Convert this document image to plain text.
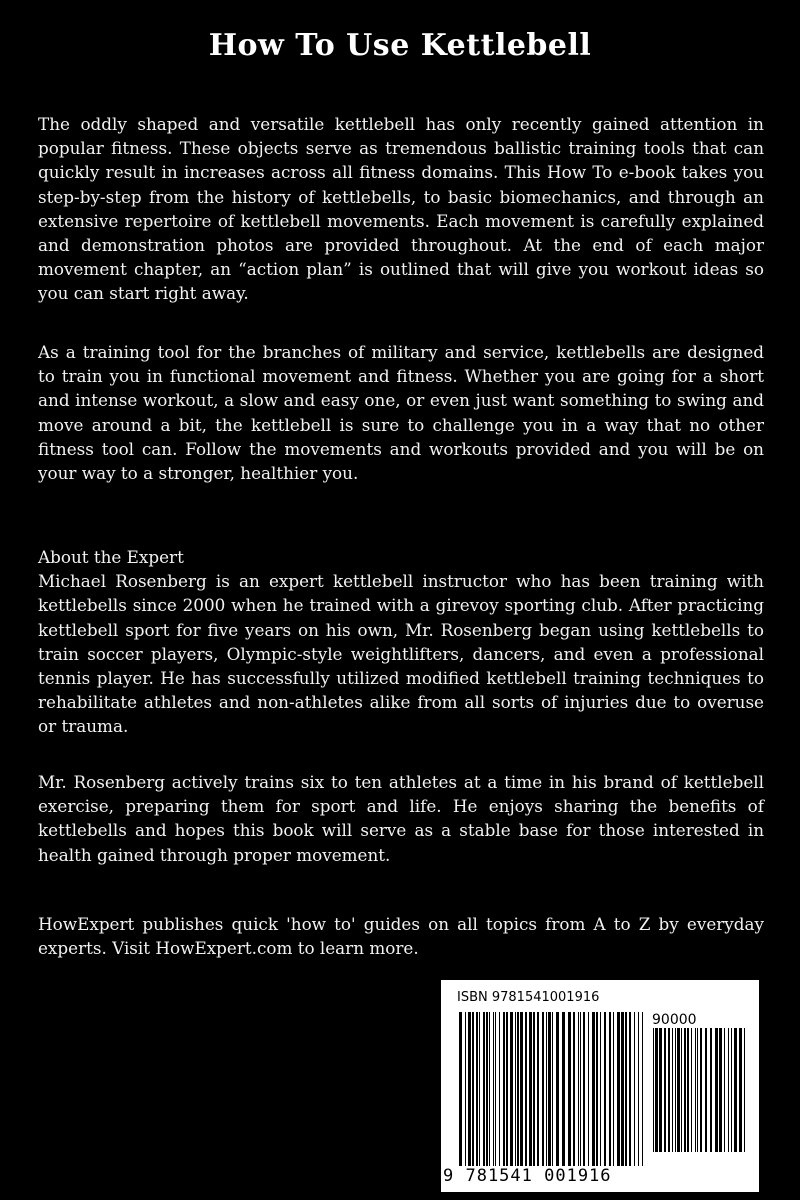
How To Use Kettlebell

The oddly shaped and versatile kettlebell has only recently gained attention in popular fitness. These objects serve as tremendous ballistic training tools that can quickly result in increases across all fitness domains. This How To e-book takes you step-by-step from the history of kettlebells, to basic biomechanics, and through an extensive repertoire of kettlebell movements. Each movement is carefully explained and demonstration photos are provided throughout. At the end of each major movement chapter, an “action plan” is outlined that will give you workout ideas so you can start right away.

As a training tool for the branches of military and service, kettlebells are designed to train you in functional movement and fitness. Whether you are going for a short and intense workout, a slow and easy one, or even just want something to swing and move around a bit, the kettlebell is sure to challenge you in a way that no other fitness tool can. Follow the movements and workouts provided and you will be on your way to a stronger, healthier you.

About the Expert
Michael Rosenberg is an expert kettlebell instructor who has been training with kettlebells since 2000 when he trained with a girevoy sporting club. After practicing kettlebell sport for five years on his own, Mr. Rosenberg began using kettlebells to train soccer players, Olympic-style weightlifters, dancers, and even a professional tennis player. He has successfully utilized modified kettlebell training techniques to rehabilitate athletes and non-athletes alike from all sorts of injuries due to overuse or trauma.

Mr. Rosenberg actively trains six to ten athletes at a time in his brand of kettlebell exercise, preparing them for sport and life. He enjoys sharing the benefits of kettlebells and hopes this book will serve as a stable base for those interested in health gained through proper movement.

HowExpert publishes quick 'how to' guides on all topics from A to Z by everyday experts. Visit HowExpert.com to learn more.

ISBN 9781541001916
90000
9 781541 001916
